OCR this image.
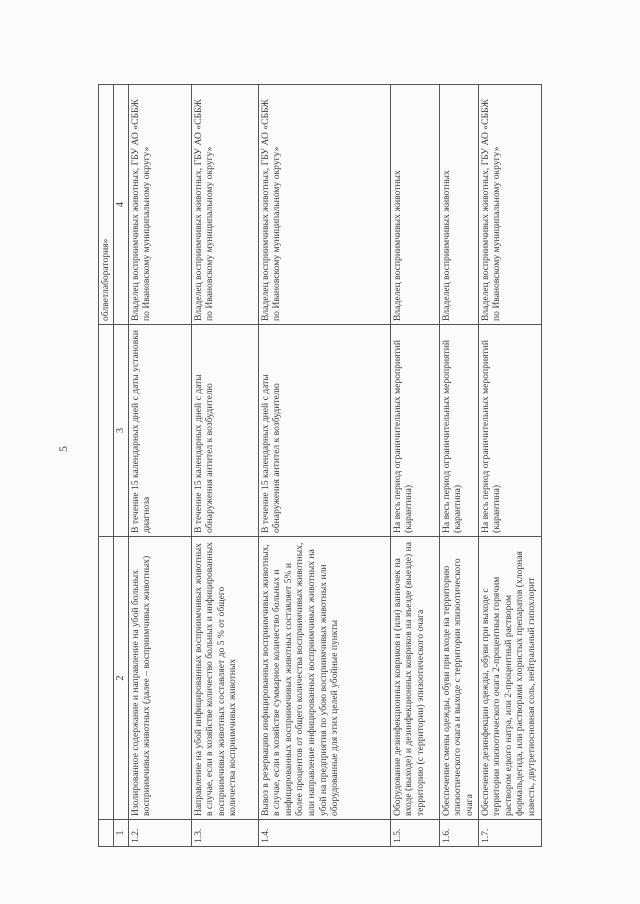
5
			облветлаборатория»
1	2	3	4
1.2.	Изолированное содержание и направление на убой больных восприимчивых животных (далее – восприимчивых животных)	В течение 15 календарных дней с даты установки диагноза	Владелец восприимчивых животных, ГБУ АО «СББЖ по Ивановскому муниципальному округу»
1.3.	Направление на убой инфицированных восприимчивых животных в случае, если в хозяйстве количество больных и инфицированных восприимчивых животных составляет до 5 % от общего количества восприимчивых животных	В течение 15 календарных дней с даты обнаружения антител к возбудителю	Владелец восприимчивых животных, ГБУ АО «СББЖ по Ивановскому муниципальному округу»
1.4.	Вывоз в резервацию инфицированных восприимчивых животных, в случае, если в хозяйстве суммарное количество больных и инфицированных восприимчивых животных составляет 5% и более процентов от общего количества восприимчивых животных, или направление инфицированных восприимчивых животных на убой на предприятия по убою восприимчивых животных или оборудованные для этих целей убойные пункты	В течение 15 календарных дней с даты обнаружения антител к возбудителю	Владелец восприимчивых животных, ГБУ АО «СББЖ по Ивановскому муниципальному округу»
1.5.	Оборудование дезинфекционных ковриков и (или) ванночек на входе (выходе) и дезинфекционных ковриков на въезде (выезде) на территорию (с территории) эпизоотического очага	На весь период ограничительных мероприятий (карантина)	Владелец восприимчивых животных
1.6.	Обеспечение смены одежды, обуви при входе на территорию эпизоотического очага и выходе с территории эпизоотического очага	На весь период ограничительных мероприятий (карантина)	Владелец восприимчивых животных
1.7.	Обеспечение дезинфекции одежды, обуви при выходе с территории эпизоотического очага 2-процентным горячим раствором едкого натра, или 2-процентный раствором формальдегида, или растворами хлористых препаратов (хлорная известь, двутретиосновная соль, нейтральный гипохлорит	На весь период ограничительных мероприятий (карантина)	Владелец восприимчивых животных, ГБУ АО «СББЖ по Ивановскому муниципальному округу»
